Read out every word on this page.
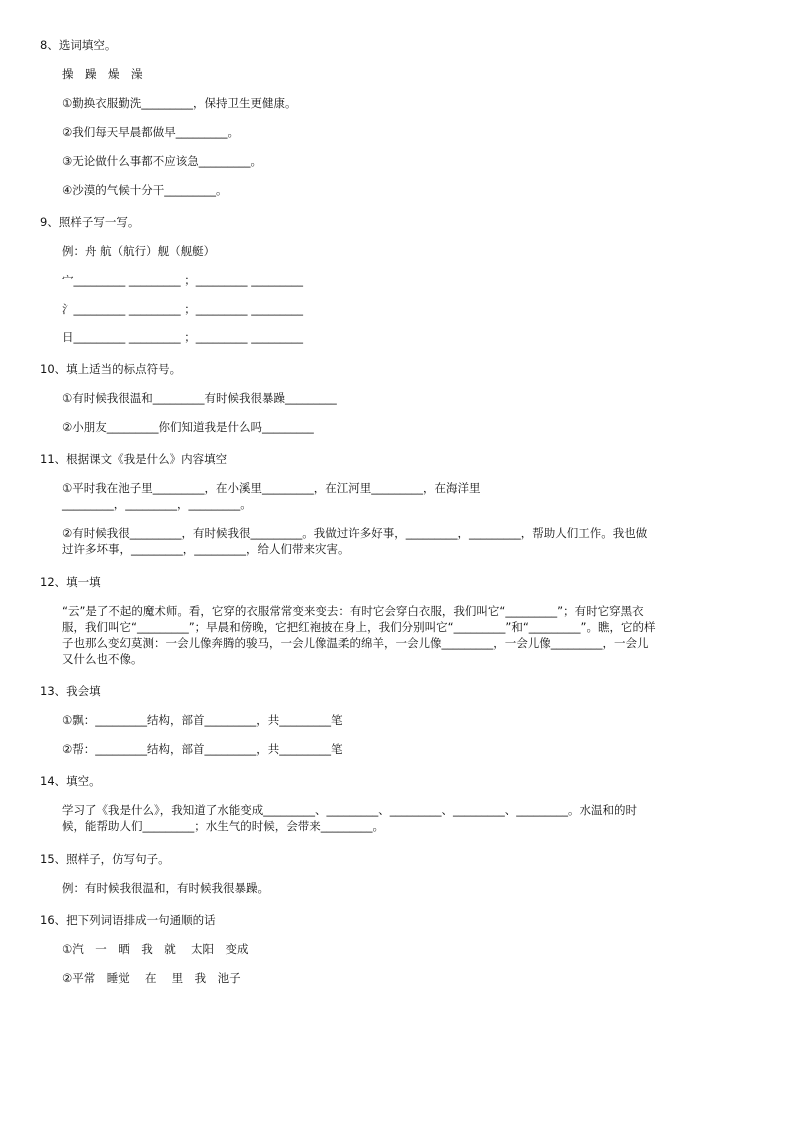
8、选词填空。
操　躁　燥　澡
①勤换衣服勤洗_________，保持卫生更健康。
②我们每天早晨都做早_________。
③无论做什么事都不应该急_________。
④沙漠的气候十分干_________。
9、照样子写一写。
例：舟 航（航行）舰（舰艇）
宀_________ _________ ；_________ _________
氵_________ _________ ；_________ _________
日_________ _________ ；_________ _________
10、填上适当的标点符号。
①有时候我很温和_________有时候我很暴躁_________
②小朋友_________你们知道我是什么吗_________
11、根据课文《我是什么》内容填空
①平时我在池子里_________，在小溪里_________，在江河里_________，在海洋里
_________，_________，_________。
②有时候我很_________，有时候我很_________。我做过许多好事，_________，_________，帮助人们工作。我也做
过许多坏事，_________，_________，给人们带来灾害。
12、填一填
“云”是了不起的魔术师。看，它穿的衣服常常变来变去：有时它会穿白衣服，我们叫它“_________”；有时它穿黑衣
服，我们叫它“_________”；早晨和傍晚，它把红袍披在身上，我们分别叫它“_________”和“_________”。瞧，它的样
子也那么变幻莫测：一会儿像奔腾的骏马，一会儿像温柔的绵羊，一会儿像_________，一会儿像_________，一会儿
又什么也不像。
13、我会填
①飘：_________结构，部首_________，共_________笔
②帮：_________结构，部首_________，共_________笔
14、填空。
学习了《我是什么》，我知道了水能变成_________、_________、_________、_________、_________。水温和的时
候，能帮助人们_________；水生气的时候，会带来_________。
15、照样子，仿写句子。
例：有时候我很温和，有时候我很暴躁。
16、把下列词语排成一句通顺的话
①汽　一　晒　我　就　 太阳　变成
②平常　睡觉　 在　 里　我　池子
